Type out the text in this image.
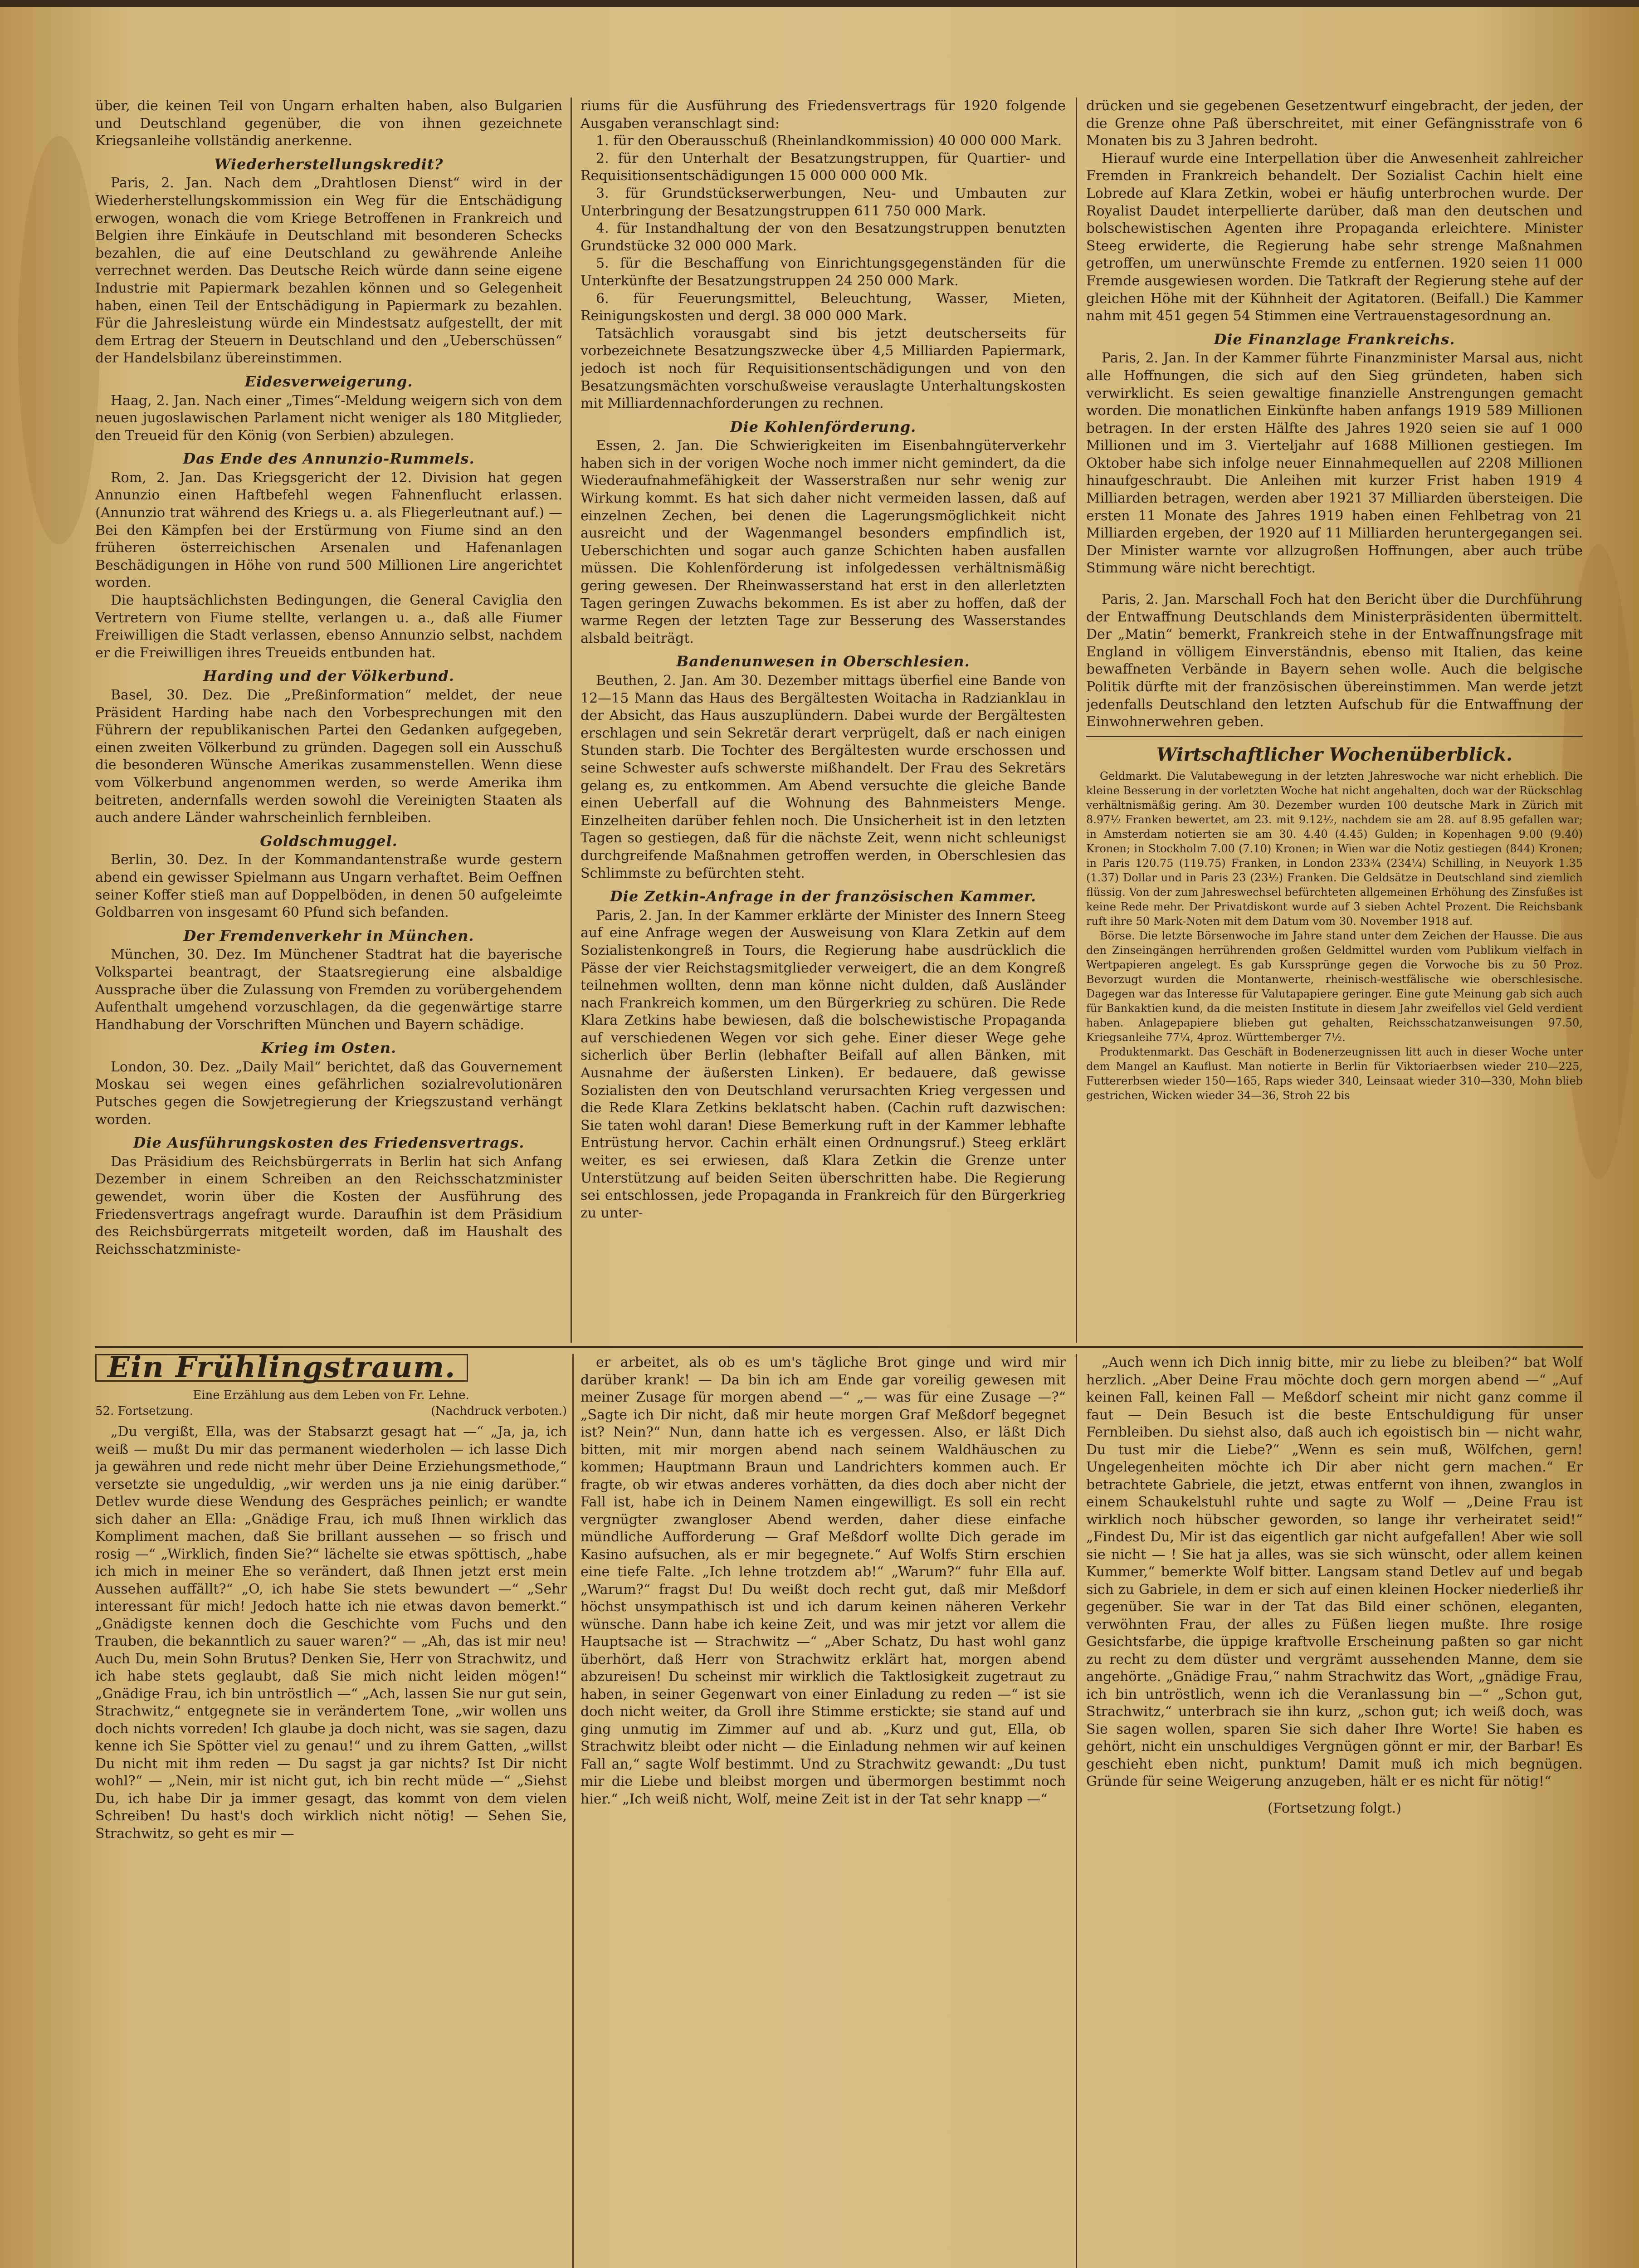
über, die keinen Teil von Ungarn erhalten haben, also Bulgarien und Deutschland gegenüber, die von ihnen gezeichnete Kriegsanleihe vollständig anerkenne.

Wiederherstellungskredit?

Paris, 2. Jan. Nach dem „Drahtlosen Dienst“ wird in der Wiederherstellungskommission ein Weg für die Entschädigung erwogen, wonach die vom Kriege Betroffenen in Frankreich und Belgien ihre Einkäufe in Deutschland mit besonderen Schecks bezahlen, die auf eine Deutschland zu gewährende Anleihe verrechnet werden. Das Deutsche Reich würde dann seine eigene Industrie mit Papiermark bezahlen können und so Gelegenheit haben, einen Teil der Entschädigung in Papiermark zu bezahlen. Für die Jahresleistung würde ein Mindestsatz aufgestellt, der mit dem Ertrag der Steuern in Deutschland und den „Ueberschüssen“ der Handelsbilanz übereinstimmen.

Eidesverweigerung.

Haag, 2. Jan. Nach einer „Times“-Meldung weigern sich von dem neuen jugoslawischen Parlament nicht weniger als 180 Mitglieder, den Treueid für den König (von Serbien) abzulegen.

Das Ende des Annunzio-Rummels.

Rom, 2. Jan. Das Kriegsgericht der 12. Division hat gegen Annunzio einen Haftbefehl wegen Fahnenflucht erlassen. (Annunzio trat während des Kriegs u. a. als Fliegerleutnant auf.) — Bei den Kämpfen bei der Erstürmung von Fiume sind an den früheren österreichischen Arsenalen und Hafenanlagen Beschädigungen in Höhe von rund 500 Millionen Lire angerichtet worden.

Die hauptsächlichsten Bedingungen, die General Caviglia den Vertretern von Fiume stellte, verlangen u. a., daß alle Fiumer Freiwilligen die Stadt verlassen, ebenso Annunzio selbst, nachdem er die Freiwilligen ihres Treueids entbunden hat.

Harding und der Völkerbund.

Basel, 30. Dez. Die „Preßinformation“ meldet, der neue Präsident Harding habe nach den Vorbesprechungen mit den Führern der republikanischen Partei den Gedanken aufgegeben, einen zweiten Völkerbund zu gründen. Dagegen soll ein Ausschuß die besonderen Wünsche Amerikas zusammenstellen. Wenn diese vom Völkerbund angenommen werden, so werde Amerika ihm beitreten, andernfalls werden sowohl die Vereinigten Staaten als auch andere Länder wahrscheinlich fernbleiben.

Goldschmuggel.

Berlin, 30. Dez. In der Kommandantenstraße wurde gestern abend ein gewisser Spielmann aus Ungarn verhaftet. Beim Oeffnen seiner Koffer stieß man auf Doppelböden, in denen 50 aufgeleimte Goldbarren von insgesamt 60 Pfund sich befanden.

Der Fremdenverkehr in München.

München, 30. Dez. Im Münchener Stadtrat hat die bayerische Volkspartei beantragt, der Staatsregierung eine alsbaldige Aussprache über die Zulassung von Fremden zu vorübergehendem Aufenthalt umgehend vorzuschlagen, da die gegenwärtige starre Handhabung der Vorschriften München und Bayern schädige.

Krieg im Osten.

London, 30. Dez. „Daily Mail“ berichtet, daß das Gouvernement Moskau sei wegen eines gefährlichen sozialrevolutionären Putsches gegen die Sowjetregierung der Kriegszustand verhängt worden.

Die Ausführungskosten des Friedensvertrags.

Das Präsidium des Reichsbürgerrats in Berlin hat sich Anfang Dezember in einem Schreiben an den Reichsschatzminister gewendet, worin über die Kosten der Ausführung des Friedensvertrags angefragt wurde. Daraufhin ist dem Präsidium des Reichsbürgerrats mitgeteilt worden, daß im Haushalt des Reichsschatzministe-

riums für die Ausführung des Friedensvertrags für 1920 folgende Ausgaben veranschlagt sind:

1. für den Oberausschuß (Rheinlandkommission) 40 000 000 Mark.

2. für den Unterhalt der Besatzungstruppen, für Quartier- und Requisitionsentschädigungen 15 000 000 000 Mk.

3. für Grundstückserwerbungen, Neu- und Umbauten zur Unterbringung der Besatzungstruppen 611 750 000 Mark.

4. für Instandhaltung der von den Besatzungstruppen benutzten Grundstücke 32 000 000 Mark.

5. für die Beschaffung von Einrichtungsgegenständen für die Unterkünfte der Besatzungstruppen 24 250 000 Mark.

6. für Feuerungsmittel, Beleuchtung, Wasser, Mieten, Reinigungskosten und dergl. 38 000 000 Mark.

Tatsächlich vorausgabt sind bis jetzt deutscherseits für vorbezeichnete Besatzungszwecke über 4,5 Milliarden Papiermark, jedoch ist noch für Requisitionsentschädigungen und von den Besatzungsmächten vorschußweise verauslagte Unterhaltungskosten mit Milliardennachforderungen zu rechnen.

Die Kohlenförderung.

Essen, 2. Jan. Die Schwierigkeiten im Eisenbahngüterverkehr haben sich in der vorigen Woche noch immer nicht gemindert, da die Wiederaufnahmefähigkeit der Wasserstraßen nur sehr wenig zur Wirkung kommt. Es hat sich daher nicht vermeiden lassen, daß auf einzelnen Zechen, bei denen die Lagerungsmöglichkeit nicht ausreicht und der Wagenmangel besonders empfindlich ist, Ueberschichten und sogar auch ganze Schichten haben ausfallen müssen. Die Kohlenförderung ist infolgedessen verhältnismäßig gering gewesen. Der Rheinwasserstand hat erst in den allerletzten Tagen geringen Zuwachs bekommen. Es ist aber zu hoffen, daß der warme Regen der letzten Tage zur Besserung des Wasserstandes alsbald beiträgt.

Bandenunwesen in Oberschlesien.

Beuthen, 2. Jan. Am 30. Dezember mittags überfiel eine Bande von 12—15 Mann das Haus des Bergältesten Woitacha in Radzianklau in der Absicht, das Haus auszuplündern. Dabei wurde der Bergältesten erschlagen und sein Sekretär derart verprügelt, daß er nach einigen Stunden starb. Die Tochter des Bergältesten wurde erschossen und seine Schwester aufs schwerste mißhandelt. Der Frau des Sekretärs gelang es, zu entkommen. Am Abend versuchte die gleiche Bande einen Ueberfall auf die Wohnung des Bahnmeisters Menge. Einzelheiten darüber fehlen noch. Die Unsicherheit ist in den letzten Tagen so gestiegen, daß für die nächste Zeit, wenn nicht schleunigst durchgreifende Maßnahmen getroffen werden, in Oberschlesien das Schlimmste zu befürchten steht.

Die Zetkin-Anfrage in der französischen Kammer.

Paris, 2. Jan. In der Kammer erklärte der Minister des Innern Steeg auf eine Anfrage wegen der Ausweisung von Klara Zetkin auf dem Sozialistenkongreß in Tours, die Regierung habe ausdrücklich die Pässe der vier Reichstagsmitglieder verweigert, die an dem Kongreß teilnehmen wollten, denn man könne nicht dulden, daß Ausländer nach Frankreich kommen, um den Bürgerkrieg zu schüren. Die Rede Klara Zetkins habe bewiesen, daß die bolschewistische Propaganda auf verschiedenen Wegen vor sich gehe. Einer dieser Wege gehe sicherlich über Berlin (lebhafter Beifall auf allen Bänken, mit Ausnahme der äußersten Linken). Er bedauere, daß gewisse Sozialisten den von Deutschland verursachten Krieg vergessen und die Rede Klara Zetkins beklatscht haben. (Cachin ruft dazwischen: Sie taten wohl daran! Diese Bemerkung ruft in der Kammer lebhafte Entrüstung hervor. Cachin erhält einen Ordnungsruf.) Steeg erklärt weiter, es sei erwiesen, daß Klara Zetkin die Grenze unter Unterstützung auf beiden Seiten überschritten habe. Die Regierung sei entschlossen, jede Propaganda in Frankreich für den Bürgerkrieg zu unter-

drücken und sie gegebenen Gesetzentwurf eingebracht, der jeden, der die Grenze ohne Paß überschreitet, mit einer Gefängnisstrafe von 6 Monaten bis zu 3 Jahren bedroht.

Hierauf wurde eine Interpellation über die Anwesenheit zahlreicher Fremden in Frankreich behandelt. Der Sozialist Cachin hielt eine Lobrede auf Klara Zetkin, wobei er häufig unterbrochen wurde. Der Royalist Daudet interpellierte darüber, daß man den deutschen und bolschewistischen Agenten ihre Propaganda erleichtere. Minister Steeg erwiderte, die Regierung habe sehr strenge Maßnahmen getroffen, um unerwünschte Fremde zu entfernen. 1920 seien 11 000 Fremde ausgewiesen worden. Die Tatkraft der Regierung stehe auf der gleichen Höhe mit der Kühnheit der Agitatoren. (Beifall.) Die Kammer nahm mit 451 gegen 54 Stimmen eine Vertrauenstagesordnung an.

Die Finanzlage Frankreichs.

Paris, 2. Jan. In der Kammer führte Finanzminister Marsal aus, nicht alle Hoffnungen, die sich auf den Sieg gründeten, haben sich verwirklicht. Es seien gewaltige finanzielle Anstrengungen gemacht worden. Die monatlichen Einkünfte haben anfangs 1919 589 Millionen betragen. In der ersten Hälfte des Jahres 1920 seien sie auf 1 000 Millionen und im 3. Vierteljahr auf 1688 Millionen gestiegen. Im Oktober habe sich infolge neuer Einnahmequellen auf 2208 Millionen hinaufgeschraubt. Die Anleihen mit kurzer Frist haben 1919 4 Milliarden betragen, werden aber 1921 37 Milliarden übersteigen. Die ersten 11 Monate des Jahres 1919 haben einen Fehlbetrag von 21 Milliarden ergeben, der 1920 auf 11 Milliarden heruntergegangen sei. Der Minister warnte vor allzugroßen Hoffnungen, aber auch trübe Stimmung wäre nicht berechtigt.

Paris, 2. Jan. Marschall Foch hat den Bericht über die Durchführung der Entwaffnung Deutschlands dem Ministerpräsidenten übermittelt. Der „Matin“ bemerkt, Frankreich stehe in der Entwaffnungsfrage mit England in völligem Einverständnis, ebenso mit Italien, das keine bewaffneten Verbände in Bayern sehen wolle. Auch die belgische Politik dürfte mit der französischen übereinstimmen. Man werde jetzt jedenfalls Deutschland den letzten Aufschub für die Entwaffnung der Einwohnerwehren geben.

Wirtschaftlicher Wochenüberblick.

Geldmarkt. Die Valutabewegung in der letzten Jahreswoche war nicht erheblich. Die kleine Besserung in der vorletzten Woche hat nicht angehalten, doch war der Rückschlag verhältnismäßig gering. Am 30. Dezember wurden 100 deutsche Mark in Zürich mit 8.97½ Franken bewertet, am 23. mit 9.12½, nachdem sie am 28. auf 8.95 gefallen war; in Amsterdam notierten sie am 30. 4.40 (4.45) Gulden; in Kopenhagen 9.00 (9.40) Kronen; in Stockholm 7.00 (7.10) Kronen; in Wien war die Notiz gestiegen (844) Kronen; in Paris 120.75 (119.75) Franken, in London 233¾ (234¼) Schilling, in Neuyork 1.35 (1.37) Dollar und in Paris 23 (23½) Franken. Die Geldsätze in Deutschland sind ziemlich flüssig. Von der zum Jahreswechsel befürchteten allgemeinen Erhöhung des Zinsfußes ist keine Rede mehr. Der Privatdiskont wurde auf 3 sieben Achtel Prozent. Die Reichsbank ruft ihre 50 Mark-Noten mit dem Datum vom 30. November 1918 auf.

Börse. Die letzte Börsenwoche im Jahre stand unter dem Zeichen der Hausse. Die aus den Zinseingängen herrührenden großen Geldmittel wurden vom Publikum vielfach in Wertpapieren angelegt. Es gab Kurssprünge gegen die Vorwoche bis zu 50 Proz. Bevorzugt wurden die Montanwerte, rheinisch-westfälische wie oberschlesische. Dagegen war das Interesse für Valutapapiere geringer. Eine gute Meinung gab sich auch für Bankaktien kund, da die meisten Institute in diesem Jahr zweifellos viel Geld verdient haben. Anlagepapiere blieben gut gehalten, Reichsschatzanweisungen 97.50, Kriegsanleihe 77¼, 4proz. Württemberger 7½.

Produktenmarkt. Das Geschäft in Bodenerzeugnissen litt auch in dieser Woche unter dem Mangel an Kauflust. Man notierte in Berlin für Viktoriaerbsen wieder 210—225, Futtererbsen wieder 150—165, Raps wieder 340, Leinsaat wieder 310—330, Mohn blieb gestrichen, Wicken wieder 34—36, Stroh 22 bis

Ein Frühlingstraum.
Eine Erzählung aus dem Leben von Fr. Lehne.
52. Fortsetzung.	(Nachdruck verboten.)

„Du vergißt, Ella, was der Stabsarzt gesagt hat —“ „Ja, ja, ich weiß — mußt Du mir das permanent wiederholen — ich lasse Dich ja gewähren und rede nicht mehr über Deine Erziehungsmethode,“ versetzte sie ungeduldig, „wir werden uns ja nie einig darüber.“ Detlev wurde diese Wendung des Gespräches peinlich; er wandte sich daher an Ella: „Gnädige Frau, ich muß Ihnen wirklich das Kompliment machen, daß Sie brillant aussehen — so frisch und rosig —“ „Wirklich, finden Sie?“ lächelte sie etwas spöttisch, „habe ich mich in meiner Ehe so verändert, daß Ihnen jetzt erst mein Aussehen auffällt?“ „O, ich habe Sie stets bewundert —“ „Sehr interessant für mich! Jedoch hatte ich nie etwas davon bemerkt.“ „Gnädigste kennen doch die Geschichte vom Fuchs und den Trauben, die bekanntlich zu sauer waren?“ — „Ah, das ist mir neu! Auch Du, mein Sohn Brutus? Denken Sie, Herr von Strachwitz, und ich habe stets geglaubt, daß Sie mich nicht leiden mögen!“ „Gnädige Frau, ich bin untröstlich —“ „Ach, lassen Sie nur gut sein, Strachwitz,“ entgegnete sie in verändertem Tone, „wir wollen uns doch nichts vorreden! Ich glaube ja doch nicht, was sie sagen, dazu kenne ich Sie Spötter viel zu genau!“ und zu ihrem Gatten, „willst Du nicht mit ihm reden — Du sagst ja gar nichts? Ist Dir nicht wohl?“ — „Nein, mir ist nicht gut, ich bin recht müde —“ „Siehst Du, ich habe Dir ja immer gesagt, das kommt von dem vielen Schreiben! Du hast's doch wirklich nicht nötig! — Sehen Sie, Strachwitz, so geht es mir —

er arbeitet, als ob es um's tägliche Brot ginge und wird mir darüber krank! — Da bin ich am Ende gar voreilig gewesen mit meiner Zusage für morgen abend —“ „— was für eine Zusage —?“ „Sagte ich Dir nicht, daß mir heute morgen Graf Meßdorf begegnet ist? Nein?“ Nun, dann hatte ich es vergessen. Also, er läßt Dich bitten, mit mir morgen abend nach seinem Waldhäuschen zu kommen; Hauptmann Braun und Landrichters kommen auch. Er fragte, ob wir etwas anderes vorhätten, da dies doch aber nicht der Fall ist, habe ich in Deinem Namen eingewilligt. Es soll ein recht vergnügter zwangloser Abend werden, daher diese einfache mündliche Aufforderung — Graf Meßdorf wollte Dich gerade im Kasino aufsuchen, als er mir begegnete.“ Auf Wolfs Stirn erschien eine tiefe Falte. „Ich lehne trotzdem ab!“ „Warum?“ fuhr Ella auf. „Warum?“ fragst Du! Du weißt doch recht gut, daß mir Meßdorf höchst unsympathisch ist und ich darum keinen näheren Verkehr wünsche. Dann habe ich keine Zeit, und was mir jetzt vor allem die Hauptsache ist — Strachwitz —“ „Aber Schatz, Du hast wohl ganz überhört, daß Herr von Strachwitz erklärt hat, morgen abend abzureisen! Du scheinst mir wirklich die Taktlosigkeit zugetraut zu haben, in seiner Gegenwart von einer Einladung zu reden —“ ist sie doch nicht weiter, da Groll ihre Stimme erstickte; sie stand auf und ging unmutig im Zimmer auf und ab. „Kurz und gut, Ella, ob Strachwitz bleibt oder nicht — die Einladung nehmen wir auf keinen Fall an,“ sagte Wolf bestimmt. Und zu Strachwitz gewandt: „Du tust mir die Liebe und bleibst morgen und übermorgen bestimmt noch hier.“ „Ich weiß nicht, Wolf, meine Zeit ist in der Tat sehr knapp —“

„Auch wenn ich Dich innig bitte, mir zu liebe zu bleiben?“ bat Wolf herzlich. „Aber Deine Frau möchte doch gern morgen abend —“ „Auf keinen Fall, keinen Fall — Meßdorf scheint mir nicht ganz comme il faut — Dein Besuch ist die beste Entschuldigung für unser Fernbleiben. Du siehst also, daß auch ich egoistisch bin — nicht wahr, Du tust mir die Liebe?“ „Wenn es sein muß, Wölfchen, gern! Ungelegenheiten möchte ich Dir aber nicht gern machen.“ Er betrachtete Gabriele, die jetzt, etwas entfernt von ihnen, zwanglos in einem Schaukelstuhl ruhte und sagte zu Wolf — „Deine Frau ist wirklich noch hübscher geworden, so lange ihr verheiratet seid!“ „Findest Du, Mir ist das eigentlich gar nicht aufgefallen! Aber wie soll sie nicht — ! Sie hat ja alles, was sie sich wünscht, oder allem keinen Kummer,“ bemerkte Wolf bitter. Langsam stand Detlev auf und begab sich zu Gabriele, in dem er sich auf einen kleinen Hocker niederließ ihr gegenüber. Sie war in der Tat das Bild einer schönen, eleganten, verwöhnten Frau, der alles zu Füßen liegen mußte. Ihre rosige Gesichtsfarbe, die üppige kraftvolle Erscheinung paßten so gar nicht zu recht zu dem düster und vergrämt aussehenden Manne, dem sie angehörte. „Gnädige Frau,“ nahm Strachwitz das Wort, „gnädige Frau, ich bin untröstlich, wenn ich die Veranlassung bin —“ „Schon gut, Strachwitz,“ unterbrach sie ihn kurz, „schon gut; ich weiß doch, was Sie sagen wollen, sparen Sie sich daher Ihre Worte! Sie haben es gehört, nicht ein unschuldiges Vergnügen gönnt er mir, der Barbar! Es geschieht eben nicht, punktum! Damit muß ich mich begnügen. Gründe für seine Weigerung anzugeben, hält er es nicht für nötig!“

(Fortsetzung folgt.)
